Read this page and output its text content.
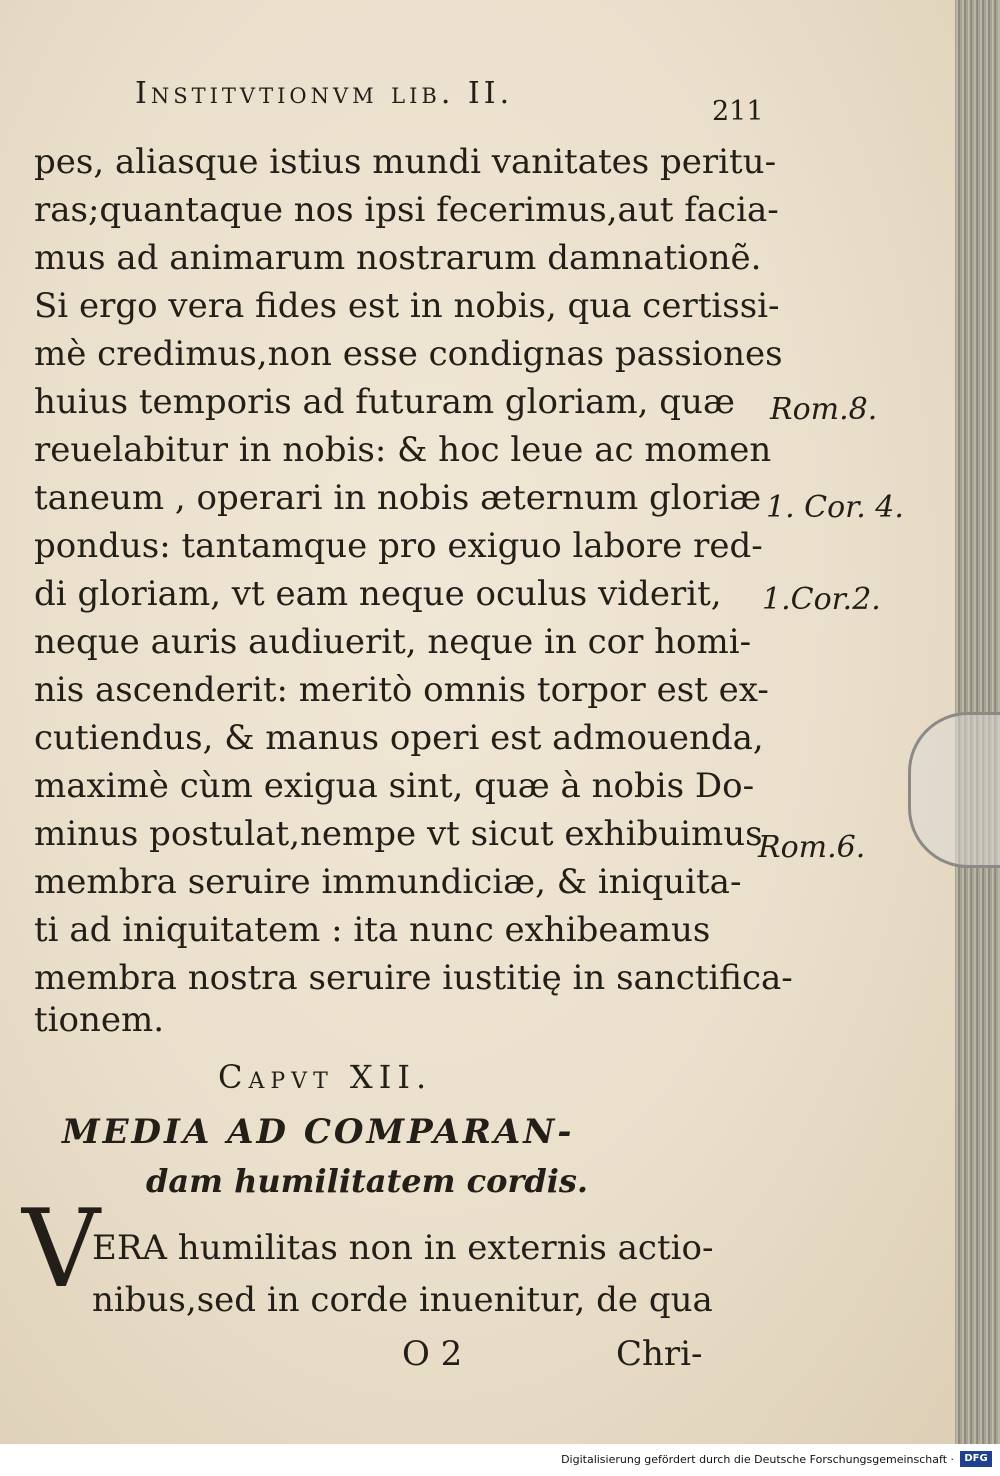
Institvtionvm lib. II.
211
pes, aliasque istius mundi vanitates peritu-
ras;quantaque nos ipsi fecerimus,aut facia-
mus ad animarum nostrarum damnationẽ.
Si ergo vera fides est in nobis, qua certissi-
mè credimus,non esse condignas passiones
huius temporis ad futuram gloriam, quæ
reuelabitur in nobis: & hoc leue ac momen
taneum , operari in nobis æternum gloriæ
pondus: tantamque pro exiguo labore red-
di gloriam, vt eam neque oculus viderit,
neque auris audiuerit, neque in cor homi-
nis ascenderit: meritò omnis torpor est ex-
cutiendus, & manus operi est admouenda,
maximè cùm exigua sint, quæ à nobis Do-
minus postulat,nempe vt sicut exhibuimus
membra seruire immundiciæ, & iniquita-
ti ad iniquitatem : ita nunc exhibeamus
membra nostra seruire iustitię in sanctifica-
tionem.
Rom.8.
1. Cor. 4.
1.Cor.2.
Rom.6.
Capvt XII.
MEDIA AD COMPARAN-
dam humilitatem cordis.
V
ERA humilitas non in externis actio-
nibus,sed in corde inuenitur, de qua
O 2	Chri-
Digitalisierung gefördert durch die Deutsche Forschungsgemeinschaft ·	DFG
